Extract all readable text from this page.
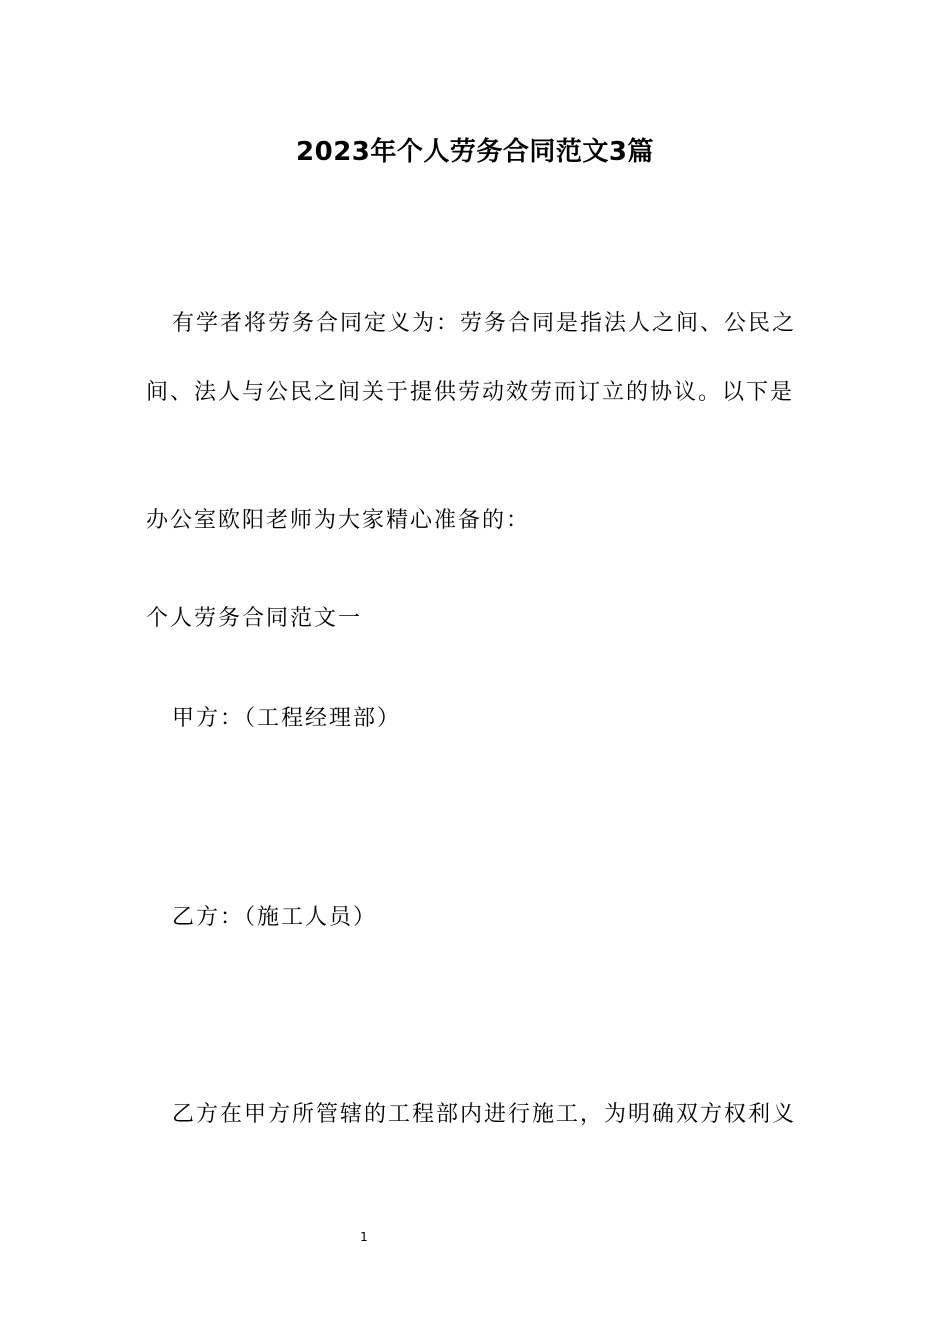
2023年个人劳务合同范文3篇
有学者将劳务合同定义为：劳务合同是指法人之间、公民之
间、法人与公民之间关于提供劳动效劳而订立的协议。以下是
办公室欧阳老师为大家精心准备的：
个人劳务合同范文一
甲方：（工程经理部）
乙方：（施工人员）
乙方在甲方所管辖的工程部内进行施工，为明确双方权利义
1
